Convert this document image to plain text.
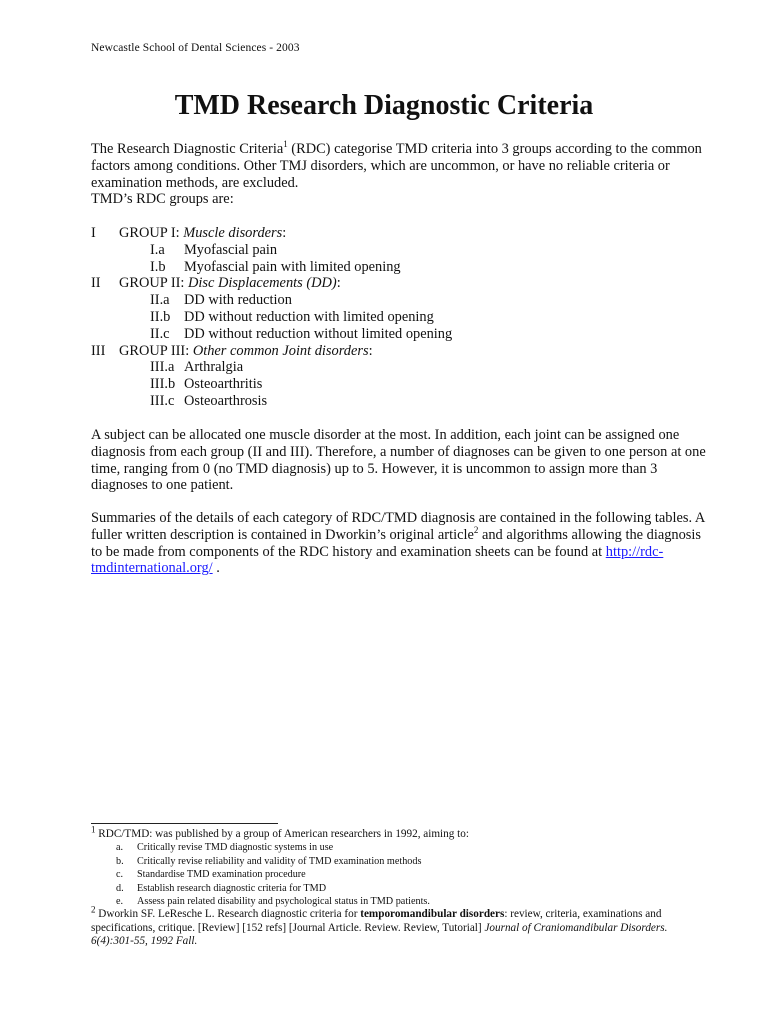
Newcastle School of Dental Sciences - 2003
TMD Research Diagnostic Criteria

The Research Diagnostic Criteria$^1$ (RDC) categorise TMD criteria into 3 groups according to the common factors among conditions. Other TMJ disorders, which are uncommon, or have no reliable criteria or examination methods, are excluded.
TMD’s RDC groups are:

I GROUP I: Muscle disorders:
I.a Myofascial pain
I.b Myofascial pain with limited opening
II GROUP II: Disc Displacements (DD):
II.a DD with reduction
II.b DD without reduction with limited opening
II.c DD without reduction without limited opening
III GROUP III: Other common Joint disorders:
III.a Arthralgia
III.b Osteoarthritis
III.c Osteoarthrosis

A subject can be allocated one muscle disorder at the most. In addition, each joint can be assigned one diagnosis from each group (II and III). Therefore, a number of diagnoses can be given to one person at one time, ranging from 0 (no TMD diagnosis) up to 5. However, it is uncommon to assign more than 3 diagnoses to one patient.

Summaries of the details of each category of RDC/TMD diagnosis are contained in the following tables. A fuller written description is contained in Dworkin’s original article$^2$ and algorithms allowing the diagnosis to be made from components of the RDC history and examination sheets can be found at http://rdc-tmdinternational.org/ .

$^1$ RDC/TMD: was published by a group of American researchers in 1992, aiming to:

a. Critically revise TMD diagnostic systems in use
b. Critically revise reliability and validity of TMD examination methods
c. Standardise TMD examination procedure
d. Establish research diagnostic criteria for TMD
e. Assess pain related disability and psychological status in TMD patients.

$^2$ Dworkin SF. LeResche L. Research diagnostic criteria for temporomandibular disorders: review, criteria, examinations and specifications, critique. [Review] [152 refs] [Journal Article. Review. Review, Tutorial] Journal of Craniomandibular Disorders. 6(4):301-55, 1992 Fall.
